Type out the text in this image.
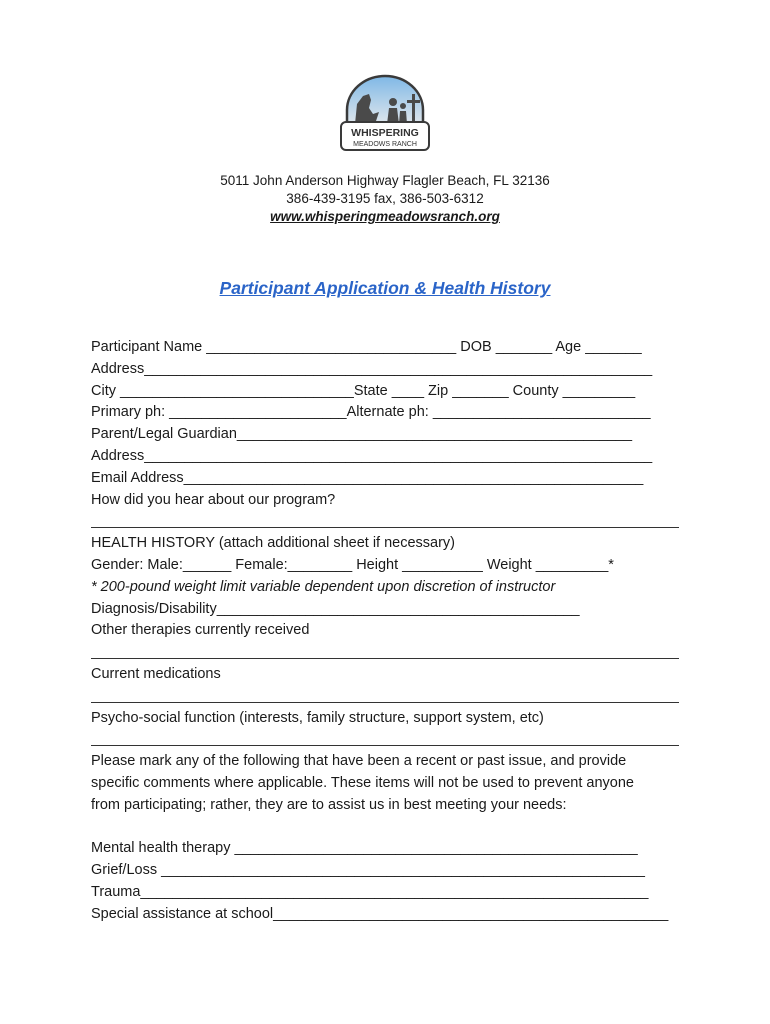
WHISPERING
MEADOWS RANCH
5011 John Anderson Highway Flagler Beach, FL 32136
386-439-3195 fax, 386-503-6312
www.whisperingmeadowsranch.org
Participant Application & Health History
Participant Name _______________________________ DOB _______ Age _______
Address_______________________________________________________________
City _____________________________State ____ Zip _______ County _________
Primary ph: ______________________Alternate ph: ___________________________
Parent/Legal Guardian_________________________________________________
Address_______________________________________________________________
Email Address_________________________________________________________
How did you hear about our program?
HEALTH HISTORY (attach additional sheet if necessary)
Gender: Male:______ Female:________ Height __________ Weight _________*
* 200-pound weight limit variable dependent upon discretion of instructor
Diagnosis/Disability_____________________________________________
Other therapies currently received
Current medications
Psycho-social function (interests, family structure, support system, etc)
Please mark any of the following that have been a recent or past issue, and provide specific comments where applicable. These items will not be used to prevent anyone from participating; rather, they are to assist us in best meeting your needs:
Mental health therapy __________________________________________________
Grief/Loss ____________________________________________________________
Trauma_______________________________________________________________
Special assistance at school_________________________________________________
